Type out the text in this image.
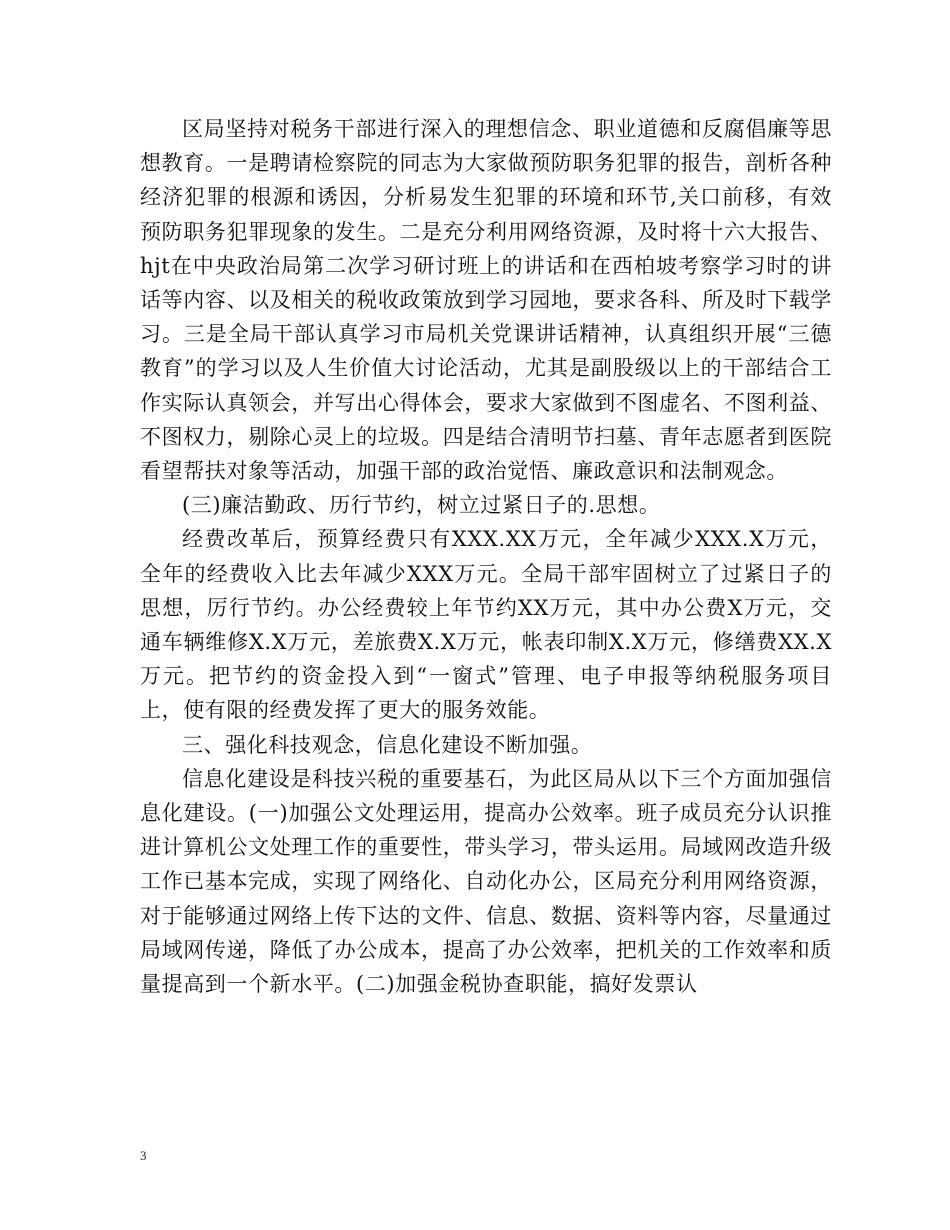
区局坚持对税务干部进行深入的理想信念、职业道德和反腐倡廉等思想教育。一是聘请检察院的同志为大家做预防职务犯罪的报告，剖析各种经济犯罪的根源和诱因，分析易发生犯罪的环境和环节,关口前移，有效预防职务犯罪现象的发生。二是充分利用网络资源，及时将十六大报告、hjt在中央政治局第二次学习研讨班上的讲话和在西柏坡考察学习时的讲话等内容、以及相关的税收政策放到学习园地，要求各科、所及时下载学习。三是全局干部认真学习市局机关党课讲话精神，认真组织开展“三德教育”的学习以及人生价值大讨论活动，尤其是副股级以上的干部结合工作实际认真领会，并写出心得体会，要求大家做到不图虚名、不图利益、不图权力，剔除心灵上的垃圾。四是结合清明节扫墓、青年志愿者到医院看望帮扶对象等活动，加强干部的政治觉悟、廉政意识和法制观念。

(三)廉洁勤政、历行节约，树立过紧日子的.思想。

经费改革后，预算经费只有XXX.XX万元，全年减少XXX.X万元，全年的经费收入比去年减少XXX万元。全局干部牢固树立了过紧日子的思想，厉行节约。办公经费较上年节约XX万元，其中办公费X万元，交通车辆维修X.X万元，差旅费X.X万元，帐表印制X.X万元，修缮费XX.X万元。把节约的资金投入到“一窗式”管理、电子申报等纳税服务项目上，使有限的经费发挥了更大的服务效能。

三、强化科技观念，信息化建设不断加强。

信息化建设是科技兴税的重要基石，为此区局从以下三个方面加强信息化建设。(一)加强公文处理运用，提高办公效率。班子成员充分认识推进计算机公文处理工作的重要性，带头学习，带头运用。局域网改造升级工作已基本完成，实现了网络化、自动化办公，区局充分利用网络资源，对于能够通过网络上传下达的文件、信息、数据、资料等内容，尽量通过局域网传递，降低了办公成本，提高了办公效率，把机关的工作效率和质量提高到一个新水平。(二)加强金税协查职能，搞好发票认

3
